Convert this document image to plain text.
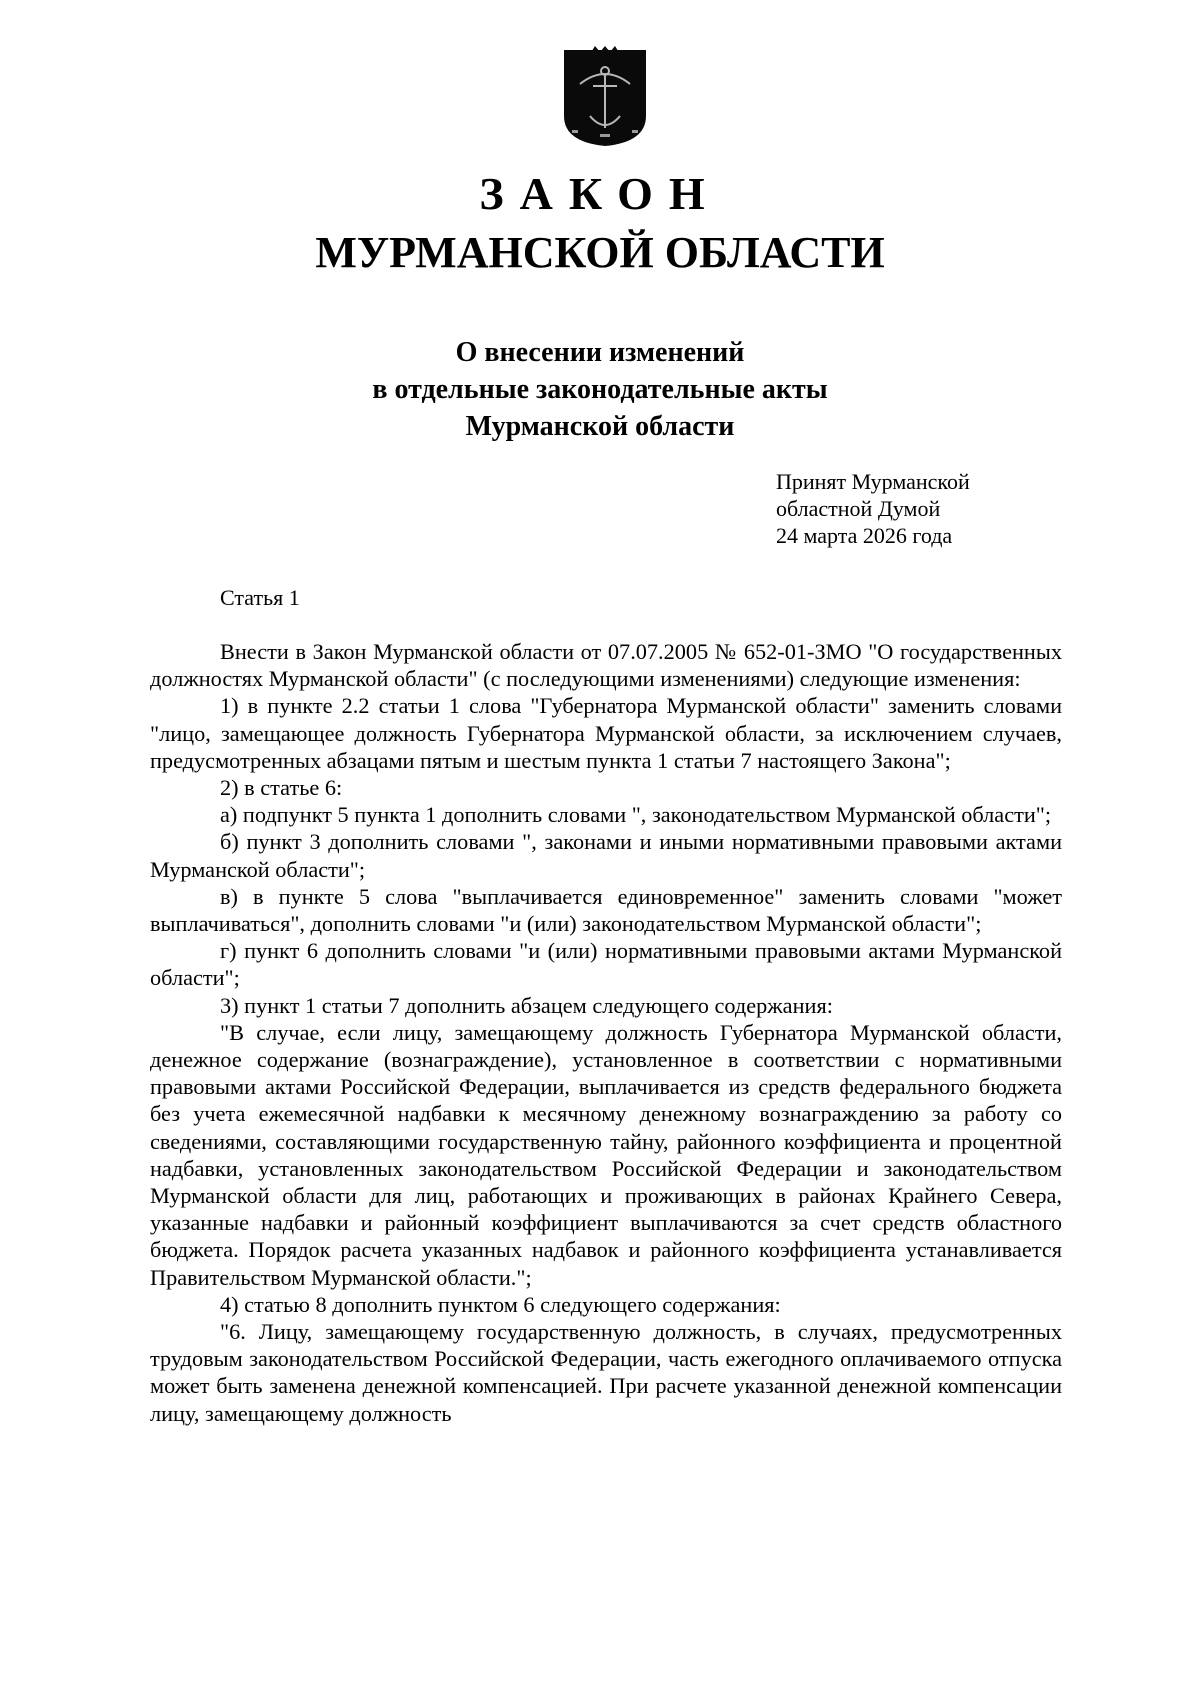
ЗАКОН
МУРМАНСКОЙ ОБЛАСТИ
О внесении изменений
в отдельные законодательные акты
Мурманской области
Принят Мурманской
областной Думой
24 марта 2026 года
Статья 1

Внести в Закон Мурманской области от 07.07.2005 № 652-01-ЗМО "О государственных должностях Мурманской области" (с последующими изменениями) следующие изменения:

1) в пункте 2.2 статьи 1 слова "Губернатора Мурманской области" заменить словами "лицо, замещающее должность Губернатора Мурманской области, за исключением случаев, предусмотренных абзацами пятым и шестым пункта 1 статьи 7 настоящего Закона";

2) в статье 6:

а) подпункт 5 пункта 1 дополнить словами ", законодательством Мурманской области";

б) пункт 3 дополнить словами ", законами и иными нормативными правовыми актами Мурманской области";

в) в пункте 5 слова "выплачивается единовременное" заменить словами "может выплачиваться", дополнить словами "и (или) законодательством Мурманской области";

г) пункт 6 дополнить словами "и (или) нормативными правовыми актами Мурманской области";

3) пункт 1 статьи 7 дополнить абзацем следующего содержания:

"В случае, если лицу, замещающему должность Губернатора Мурманской области, денежное содержание (вознаграждение), установленное в соответствии с нормативными правовыми актами Российской Федерации, выплачивается из средств федерального бюджета без учета ежемесячной надбавки к месячному денежному вознаграждению за работу со сведениями, составляющими государственную тайну, районного коэффициента и процентной надбавки, установленных законодательством Российской Федерации и законодательством Мурманской области для лиц, работающих и проживающих в районах Крайнего Севера, указанные надбавки и районный коэффициент выплачиваются за счет средств областного бюджета. Порядок расчета указанных надбавок и районного коэффициента устанавливается Правительством Мурманской области.";

4) статью 8 дополнить пунктом 6 следующего содержания:

"6. Лицу, замещающему государственную должность, в случаях, предусмотренных трудовым законодательством Российской Федерации, часть ежегодного оплачиваемого отпуска может быть заменена денежной компенсацией. При расчете указанной денежной компенсации лицу, замещающему должность
